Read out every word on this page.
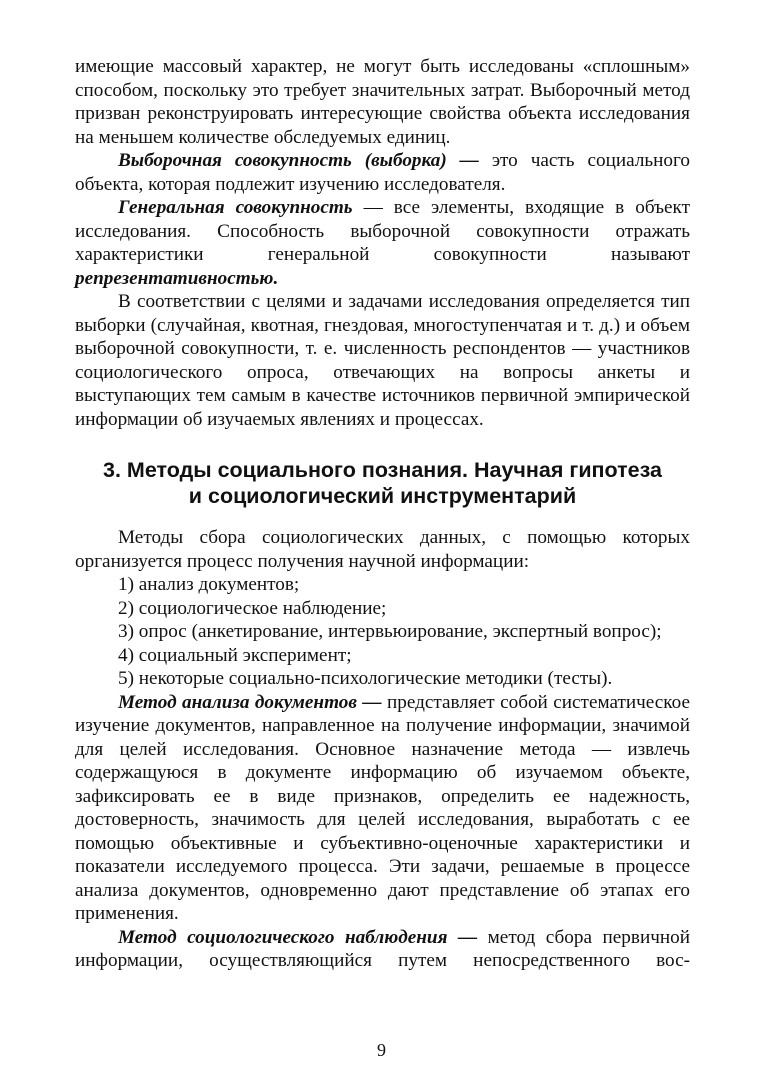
имеющие массовый характер, не могут быть исследованы «сплошным» способом, поскольку это требует значительных затрат. Выборочный метод призван реконструировать интересующие свойства объекта исследования на меньшем количестве обследуемых единиц.

Выборочная совокупность (выборка) — это часть социального объекта, которая подлежит изучению исследователя.

Генеральная совокупность — все элементы, входящие в объект исследования. Способность выборочной совокупности отражать характеристики генеральной совокупности называют репрезентативностью.

В соответствии с целями и задачами исследования определяется тип выборки (случайная, квотная, гнездовая, многоступенчатая и т. д.) и объем выборочной совокупности, т. е. численность респондентов — участников социологического опроса, отвечающих на вопросы анкеты и выступающих тем самым в качестве источников первичной эмпирической информации об изучаемых явлениях и процессах.

3. Методы социального познания. Научная гипотеза
и социологический инструментарий

Методы сбора социологических данных, с помощью которых организуется процесс получения научной информации:

1) анализ документов;

2) социологическое наблюдение;

3) опрос (анкетирование, интервьюирование, экспертный вопрос);

4) социальный эксперимент;

5) некоторые социально-психологические методики (тесты).

Метод анализа документов — представляет собой систематическое изучение документов, направленное на получение информации, значимой для целей исследования. Основное назначение метода — извлечь содержащуюся в документе информацию об изучаемом объекте, зафиксировать ее в виде признаков, определить ее надежность, достоверность, значимость для целей исследования, выработать с ее помощью объективные и субъективно-оценочные характеристики и показатели исследуемого процесса. Эти задачи, решаемые в процессе анализа документов, одновременно дают представление об этапах его применения.

Метод социологического наблюдения — метод сбора первичной информации, осуществляющийся путем непосредственного вос-

9
